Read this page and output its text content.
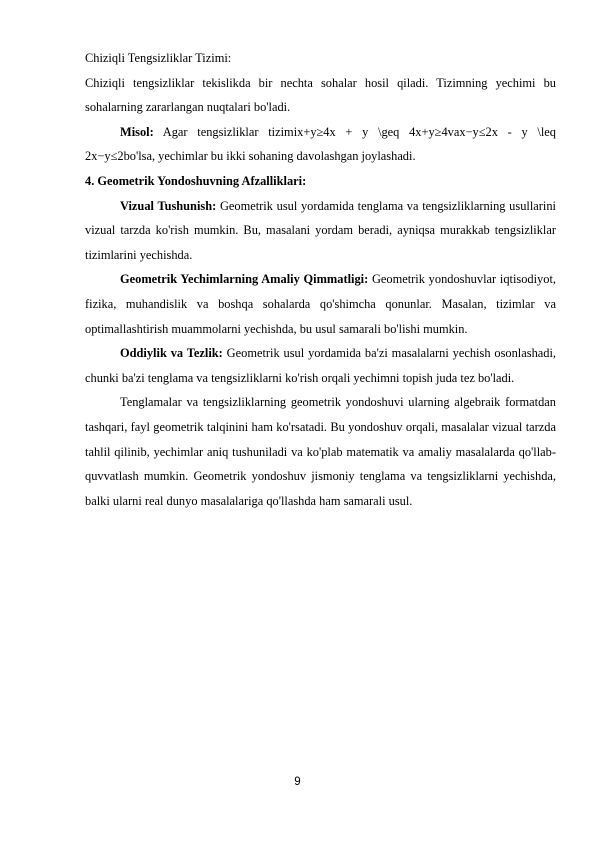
Chiziqli Tengsizliklar Tizimi:

Chiziqli tengsizliklar tekislikda bir nechta sohalar hosil qiladi. Tizimning yechimi bu sohalarning zararlangan nuqtalari bo'ladi.

Misol: Agar tengsizliklar tizimix+y≥4x + y \geq 4x+y≥4vax−y≤2x - y \leq 2x−y≤2bo'lsa, yechimlar bu ikki sohaning davolashgan joylashadi.

4. Geometrik Yondoshuvning Afzalliklari:

Vizual Tushunish: Geometrik usul yordamida tenglama va tengsizliklarning usullarini vizual tarzda ko'rish mumkin. Bu, masalani yordam beradi, ayniqsa murakkab tengsizliklar tizimlarini yechishda.

Geometrik Yechimlarning Amaliy Qimmatligi: Geometrik yondoshuvlar iqtisodiyot, fizika, muhandislik va boshqa sohalarda qo'shimcha qonunlar. Masalan, tizimlar va optimallashtirish muammolarni yechishda, bu usul samarali bo'lishi mumkin.

Oddiylik va Tezlik: Geometrik usul yordamida ba'zi masalalarni yechish osonlashadi, chunki ba'zi tenglama va tengsizliklarni ko'rish orqali yechimni topish juda tez bo'ladi.

Tenglamalar va tengsizliklarning geometrik yondoshuvi ularning algebraik formatdan tashqari, fayl geometrik talqinini ham ko'rsatadi. Bu yondoshuv orqali, masalalar vizual tarzda tahlil qilinib, yechimlar aniq tushuniladi va ko'plab matematik va amaliy masalalarda qo'llab-quvvatlash mumkin. Geometrik yondoshuv jismoniy tenglama va tengsizliklarni yechishda, balki ularni real dunyo masalalariga qo'llashda ham samarali usul.

9
